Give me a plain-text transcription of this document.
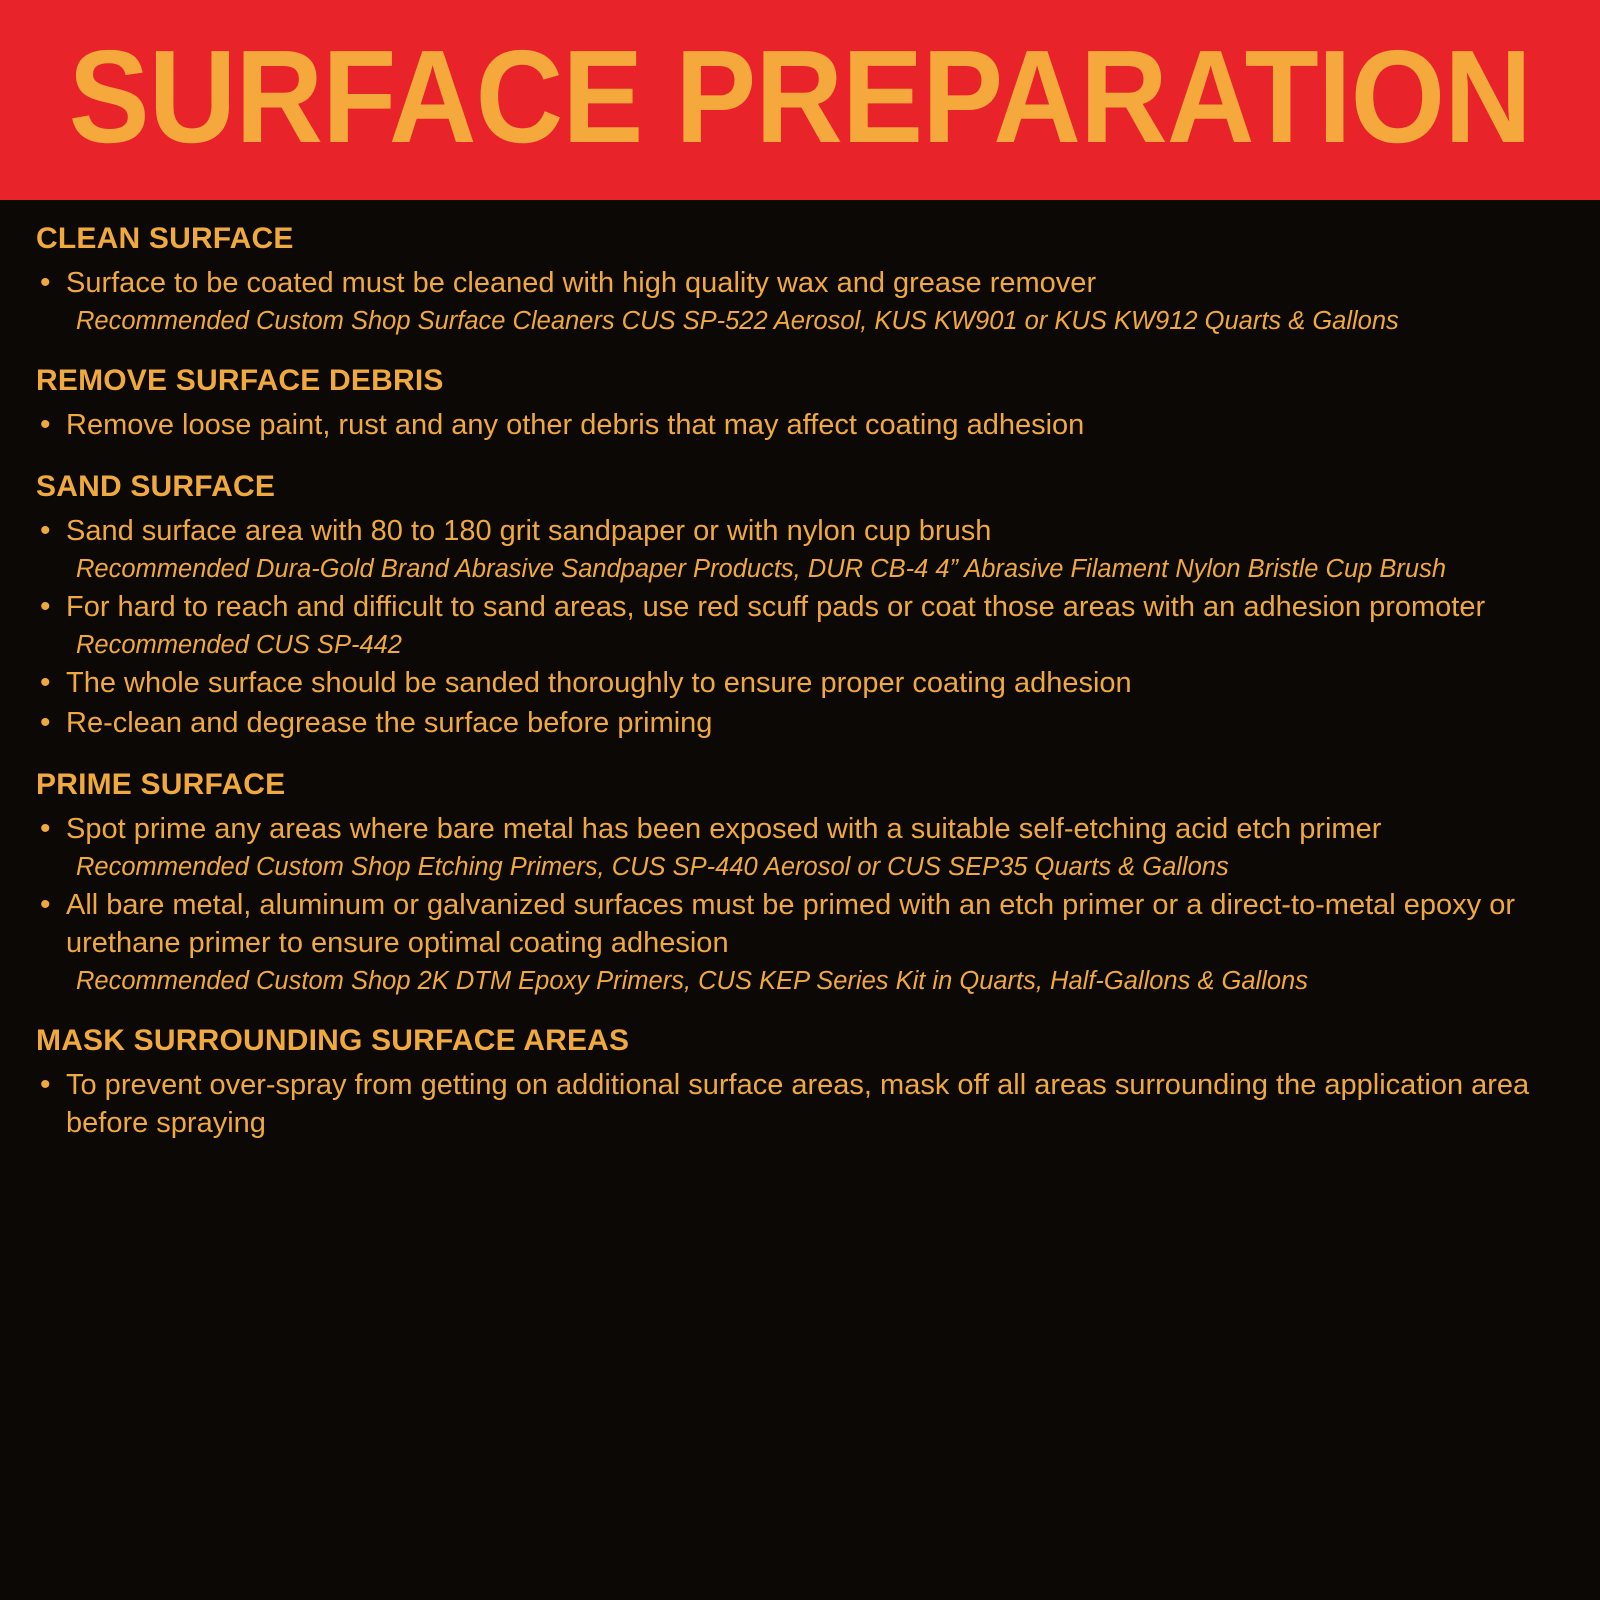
SURFACE PREPARATION
CLEAN SURFACE
• Surface to be coated must be cleaned with high quality wax and grease remover
Recommended Custom Shop Surface Cleaners CUS SP-522 Aerosol, KUS KW901 or KUS KW912 Quarts & Gallons
REMOVE SURFACE DEBRIS
• Remove loose paint, rust and any other debris that may affect coating adhesion
SAND SURFACE
• Sand surface area with 80 to 180 grit sandpaper or with nylon cup brush
Recommended Dura-Gold Brand Abrasive Sandpaper Products, DUR CB-4 4” Abrasive Filament Nylon Bristle Cup Brush
• For hard to reach and difficult to sand areas, use red scuff pads or coat those areas with an adhesion promoter
Recommended CUS SP-442
• The whole surface should be sanded thoroughly to ensure proper coating adhesion
• Re-clean and degrease the surface before priming
PRIME SURFACE
• Spot prime any areas where bare metal has been exposed with a suitable self-etching acid etch primer
Recommended Custom Shop Etching Primers, CUS SP-440 Aerosol or CUS SEP35 Quarts & Gallons
• All bare metal, aluminum or galvanized surfaces must be primed with an etch primer or a direct-to-metal epoxy or urethane primer to ensure optimal coating adhesion
Recommended Custom Shop 2K DTM Epoxy Primers, CUS KEP Series Kit in Quarts, Half-Gallons & Gallons
MASK SURROUNDING SURFACE AREAS
• To prevent over-spray from getting on additional surface areas, mask off all areas surrounding the application area before spraying
